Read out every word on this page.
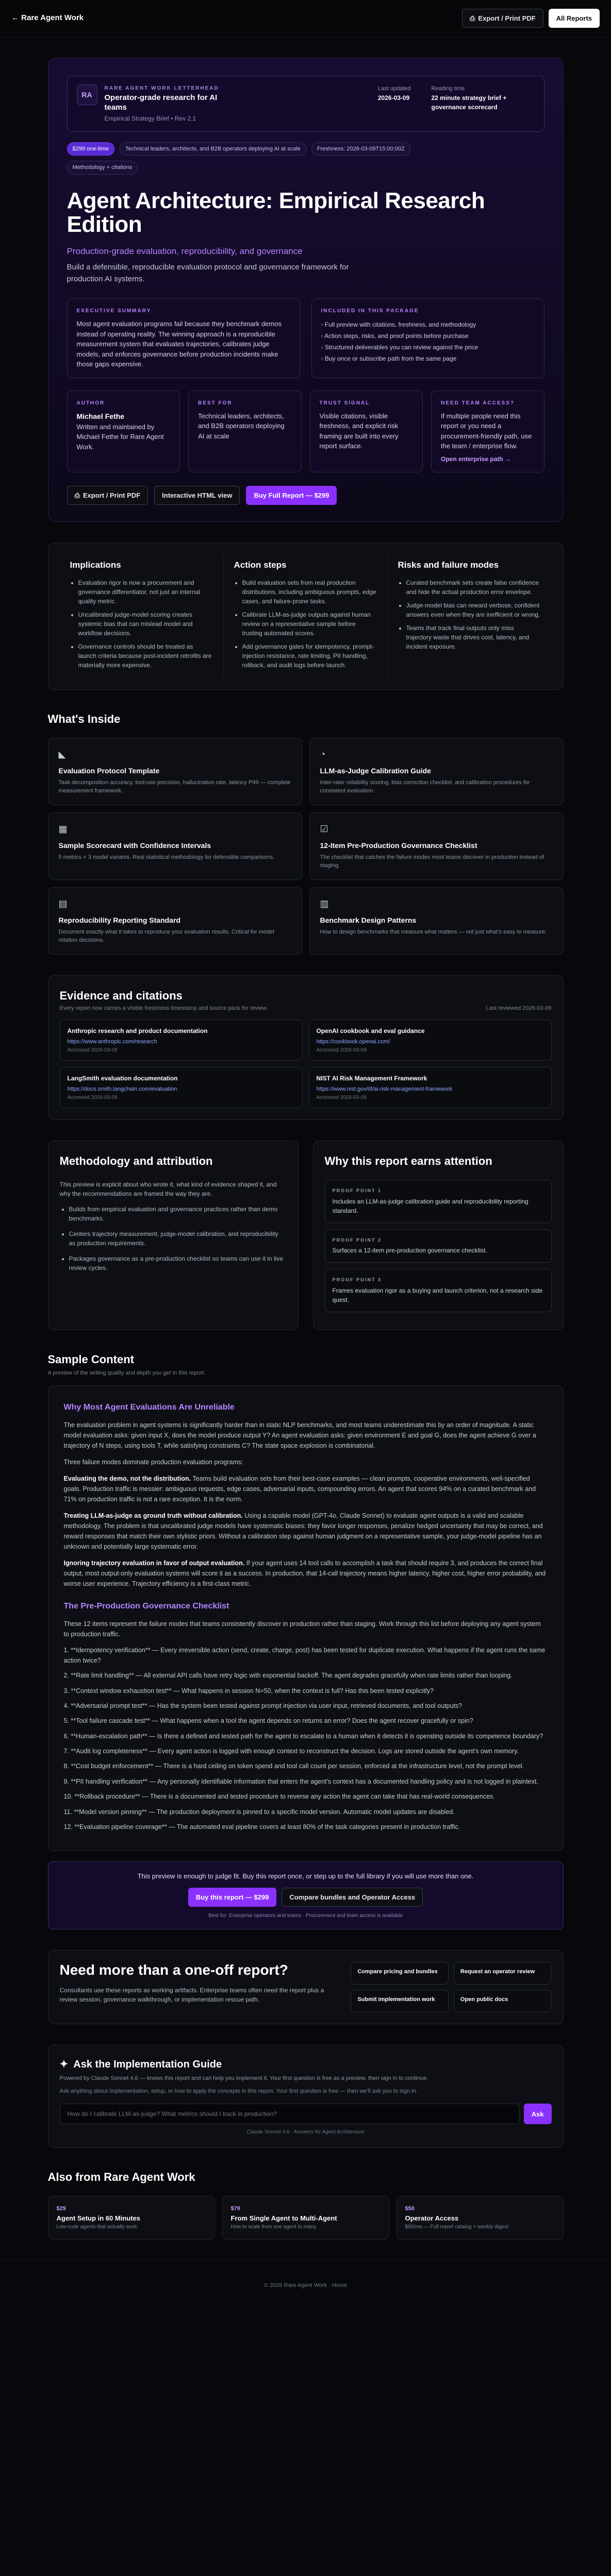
← Rare Agent Work	⎙ Export / Print PDF	All Reports
RA
RARE AGENT WORK LETTERHEAD
Operator-grade research for AI teams
Empirical Strategy Brief • Rev 2.1
Last updated
2026-03-09
Reading time
22 minute strategy brief + governance scorecard
$299 one-time	Technical leaders, architects, and B2B operators deploying AI at scale	Freshness: 2026-03-09T15:00:00Z
Methodology + citations
Agent Architecture: Empirical Research Edition
Production-grade evaluation, reproducibility, and governance
Build a defensible, reproducible evaluation protocol and governance framework for production AI systems.
EXECUTIVE SUMMARY

Most agent evaluation programs fail because they benchmark demos instead of operating reality. The winning approach is a reproducible measurement system that evaluates trajectories, calibrates judge models, and enforces governance before production incidents make those gaps expensive.

INCLUDED IN THIS PACKAGE
› Full preview with citations, freshness, and methodology
› Action steps, risks, and proof points before purchase
› Structured deliverables you can review against the price
› Buy once or subscribe path from the same page
AUTHOR
Michael Fethe

Written and maintained by Michael Fethe for Rare Agent Work.

BEST FOR

Technical leaders, architects, and B2B operators deploying AI at scale

TRUST SIGNAL

Visible citations, visible freshness, and explicit risk framing are built into every report surface.

NEED TEAM ACCESS?

If multiple people need this report or you need a procurement-friendly path, use the team / enterprise flow.

Open enterprise path →
⎙ Export / Print PDF	Interactive HTML view	Buy Full Report — $299
Implications
• Evaluation rigor is now a procurement and governance differentiator, not just an internal quality metric.
• Uncalibrated judge-model scoring creates systemic bias that can mislead model and workflow decisions.
• Governance controls should be treated as launch criteria because post-incident retrofits are materially more expensive.
Action steps
• Build evaluation sets from real production distributions, including ambiguous prompts, edge cases, and failure-prone tasks.
• Calibrate LLM-as-judge outputs against human review on a representative sample before trusting automated scores.
• Add governance gates for idempotency, prompt-injection resistance, rate limiting, PII handling, rollback, and audit logs before launch.
Risks and failure modes
• Curated benchmark sets create false confidence and hide the actual production error envelope.
• Judge-model bias can reward verbose, confident answers even when they are inefficient or wrong.
• Teams that track final outputs only miss trajectory waste that drives cost, latency, and incident exposure.
What's Inside
◣
Evaluation Protocol Template
Task decomposition accuracy, tool-use precision, hallucination rate, latency P99 — complete measurement framework.
◔
LLM-as-Judge Calibration Guide
Inter-rater reliability scoring, bias correction checklist, and calibration procedures for consistent evaluation.
▦
Sample Scorecard with Confidence Intervals
5 metrics × 3 model variants. Real statistical methodology for defensible comparisons.
☑
12-Item Pre-Production Governance Checklist
The checklist that catches the failure modes most teams discover in production instead of staging.
▤
Reproducibility Reporting Standard
Document exactly what it takes to reproduce your evaluation results. Critical for model rotation decisions.
▥
Benchmark Design Patterns
How to design benchmarks that measure what matters — not just what's easy to measure.
Evidence and citations
Every report now carries a visible freshness timestamp and source pack for review.	Last reviewed 2026-03-09
Anthropic research and product documentation
https://www.anthropic.com/research
Accessed 2026-03-09
OpenAI cookbook and eval guidance
https://cookbook.openai.com/
Accessed 2026-03-09
LangSmith evaluation documentation
https://docs.smith.langchain.com/evaluation
Accessed 2026-03-09
NIST AI Risk Management Framework
https://www.nist.gov/itl/ai-risk-management-framework
Accessed 2026-03-09
Methodology and attribution

This preview is explicit about who wrote it, what kind of evidence shaped it, and why the recommendations are framed the way they are.

• Builds from empirical evaluation and governance practices rather than demo benchmarks.
• Centers trajectory measurement, judge-model calibration, and reproducibility as production requirements.
• Packages governance as a pre-production checklist so teams can use it in live review cycles.
Why this report earns attention
PROOF POINT 1
Includes an LLM-as-judge calibration guide and reproducibility reporting standard.
PROOF POINT 2
Surfaces a 12-item pre-production governance checklist.
PROOF POINT 3
Frames evaluation rigor as a buying and launch criterion, not a research side quest.
Sample Content
A preview of the writing quality and depth you get in this report.
Why Most Agent Evaluations Are Unreliable

The evaluation problem in agent systems is significantly harder than in static NLP benchmarks, and most teams underestimate this by an order of magnitude. A static model evaluation asks: given input X, does the model produce output Y? An agent evaluation asks: given environment E and goal G, does the agent achieve G over a trajectory of N steps, using tools T, while satisfying constraints C? The state space explosion is combinatorial.

Three failure modes dominate production evaluation programs:

Evaluating the demo, not the distribution. Teams build evaluation sets from their best-case examples — clean prompts, cooperative environments, well-specified goals. Production traffic is messier: ambiguous requests, edge cases, adversarial inputs, compounding errors. An agent that scores 94% on a curated benchmark and 71% on production traffic is not a rare exception. It is the norm.

Treating LLM-as-judge as ground truth without calibration. Using a capable model (GPT-4o, Claude Sonnet) to evaluate agent outputs is a valid and scalable methodology. The problem is that uncalibrated judge models have systematic biases: they favor longer responses, penalize hedged uncertainty that may be correct, and reward responses that match their own stylistic priors. Without a calibration step against human judgment on a representative sample, your judge-model pipeline has an unknown and potentially large systematic error.

Ignoring trajectory evaluation in favor of output evaluation. If your agent uses 14 tool calls to accomplish a task that should require 3, and produces the correct final output, most output-only evaluation systems will score it as a success. In production, that 14-call trajectory means higher latency, higher cost, higher error probability, and worse user experience. Trajectory efficiency is a first-class metric.

The Pre-Production Governance Checklist

These 12 items represent the failure modes that teams consistently discover in production rather than staging. Work through this list before deploying any agent system to production traffic.

1. **Idempotency verification** — Every irreversible action (send, create, charge, post) has been tested for duplicate execution. What happens if the agent runs the same action twice?
2. **Rate limit handling** — All external API calls have retry logic with exponential backoff. The agent degrades gracefully when rate limits rather than looping.
3. **Context window exhaustion test** — What happens in session N=50, when the context is full? Has this been tested explicitly?
4. **Adversarial prompt test** — Has the system been tested against prompt injection via user input, retrieved documents, and tool outputs?
5. **Tool failure cascade test** — What happens when a tool the agent depends on returns an error? Does the agent recover gracefully or spin?
6. **Human-escalation path** — Is there a defined and tested path for the agent to escalate to a human when it detects it is operating outside its competence boundary?
7. **Audit log completeness** — Every agent action is logged with enough context to reconstruct the decision. Logs are stored outside the agent's own memory.
8. **Cost budget enforcement** — There is a hard ceiling on token spend and tool call count per session, enforced at the infrastructure level, not the prompt level.
9. **PII handling verification** — Any personally identifiable information that enters the agent's context has a documented handling policy and is not logged in plaintext.
10. **Rollback procedure** — There is a documented and tested procedure to reverse any action the agent can take that has real-world consequences.
11. **Model version pinning** — The production deployment is pinned to a specific model version. Automatic model updates are disabled.
12. **Evaluation pipeline coverage** — The automated eval pipeline covers at least 80% of the task categories present in production traffic.
This preview is enough to judge fit. Buy this report once, or step up to the full library if you will use more than one.
Buy this report — $299	Compare bundles and Operator Access
Best for: Enterprise operators and teams · Procurement and team access is available
Need more than a one-off report?

Consultants use these reports as working artifacts. Enterprise teams often need the report plus a review session, governance walkthrough, or implementation rescue path.

Compare pricing and bundles	Request an operator review
Submit implementation work	Open public docs
✦ Ask the Implementation Guide
Powered by Claude Sonnet 4.6 — knows this report and can help you implement it. Your first question is free as a preview, then sign in to continue.
Ask anything about implementation, setup, or how to apply the concepts in this report. Your first question is free — then we'll ask you to sign in.
How do I calibrate LLM-as-judge? What metrics should I track in production?
Ask
Claude Sonnet 4.6 · Answers for Agent Architecture
Also from Rare Agent Work
$29
Agent Setup in 60 Minutes
Low-code agents that actually work
$79
From Single Agent to Multi-Agent
How to scale from one agent to many
$50
Operator Access
$50/mo — Full report catalog + weekly digest
© 2026 Rare Agent Work · Home
